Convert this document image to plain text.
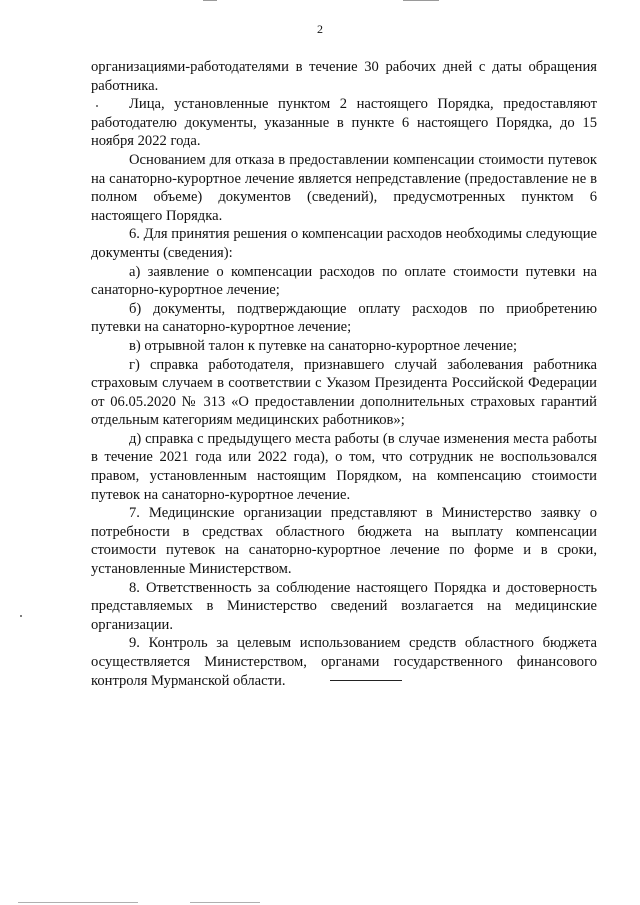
2

организациями-работодателями в течение 30 рабочих дней с даты обращения работника.

Лица, установленные пунктом 2 настоящего Порядка, предоставляют работодателю документы, указанные в пункте 6 настоящего Порядка, до 15 ноября 2022 года.

Основанием для отказа в предоставлении компенсации стоимости путевок на санаторно-курортное лечение является непредставление (предоставление не в полном объеме) документов (сведений), предусмотренных пунктом 6 настоящего Порядка.

6. Для принятия решения о компенсации расходов необходимы следующие документы (сведения):

а) заявление о компенсации расходов по оплате стоимости путевки на санаторно-курортное лечение;

б) документы, подтверждающие оплату расходов по приобретению путевки на санаторно-курортное лечение;

в) отрывной талон к путевке на санаторно-курортное лечение;

г) справка работодателя, признавшего случай заболевания работника страховым случаем в соответствии с Указом Президента Российской Федерации от 06.05.2020 № 313 «О предоставлении дополнительных страховых гарантий отдельным категориям медицинских работников»;

д) справка с предыдущего места работы (в случае изменения места работы в течение 2021 года или 2022 года), о том, что сотрудник не воспользовался правом, установленным настоящим Порядком, на компенсацию стоимости путевок на санаторно-курортное лечение.

7. Медицинские организации представляют в Министерство заявку о потребности в средствах областного бюджета на выплату компенсации стоимости путевок на санаторно-курортное лечение по форме и в сроки, установленные Министерством.

8. Ответственность за соблюдение настоящего Порядка и достоверность представляемых в Министерство сведений возлагается на медицинские организации.

9. Контроль за целевым использованием средств областного бюджета осуществляется Министерством, органами государственного финансового контроля Мурманской области.
